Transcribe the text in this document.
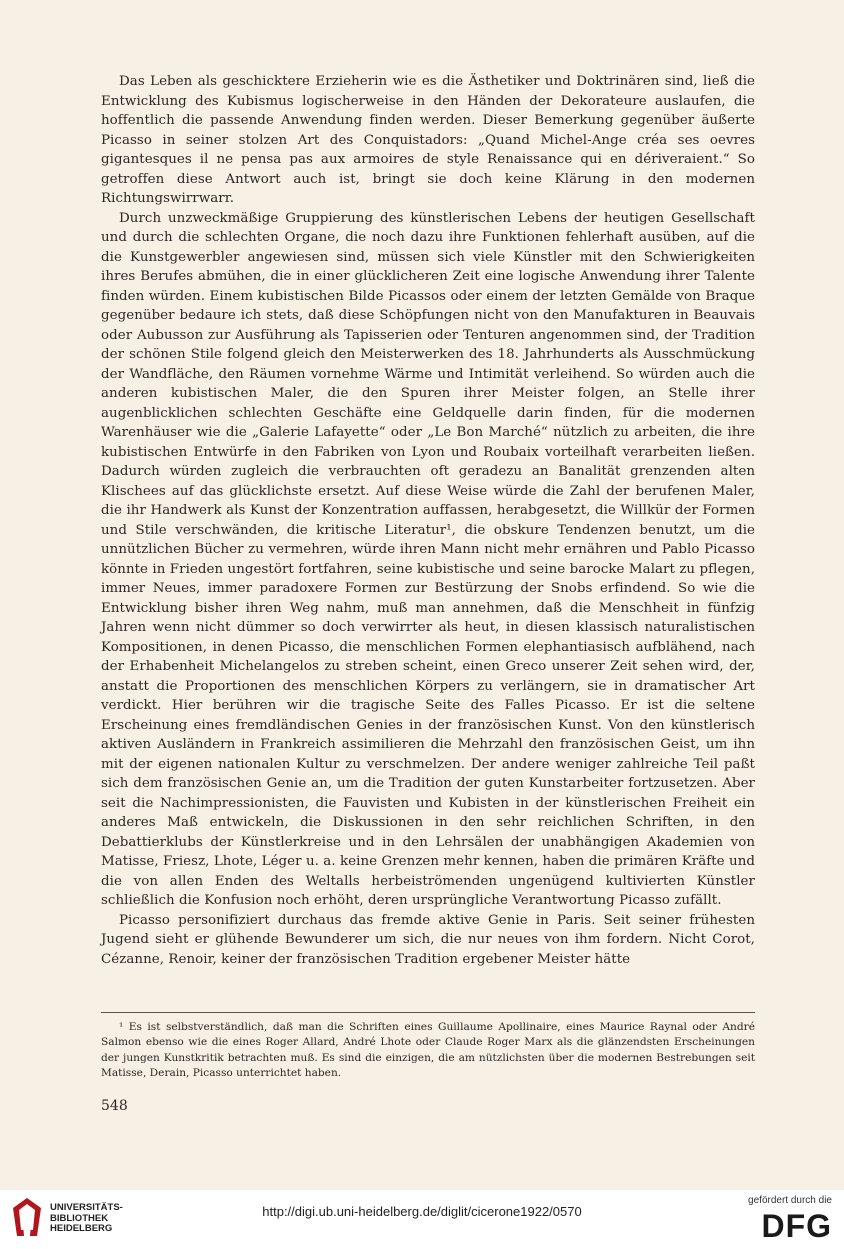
Das Leben als geschicktere Erzieherin wie es die Ästhetiker und Doktrinären sind, ließ die Entwicklung des Kubismus logischerweise in den Händen der Dekorateure auslaufen, die hoffentlich die passende Anwendung finden werden. Dieser Bemerkung gegenüber äußerte Picasso in seiner stolzen Art des Conquistadors: „Quand Michel-Ange créa ses oevres gigantesques il ne pensa pas aux armoires de style Renaissance qui en dériveraient.“ So getroffen diese Antwort auch ist, bringt sie doch keine Klärung in den modernen Richtungswirrwarr.

Durch unzweckmäßige Gruppierung des künstlerischen Lebens der heutigen Gesellschaft und durch die schlechten Organe, die noch dazu ihre Funktionen fehlerhaft ausüben, auf die die Kunstgewerbler angewiesen sind, müssen sich viele Künstler mit den Schwierigkeiten ihres Berufes abmühen, die in einer glücklicheren Zeit eine logische Anwendung ihrer Talente finden würden. Einem kubistischen Bilde Picassos oder einem der letzten Gemälde von Braque gegenüber bedaure ich stets, daß diese Schöpfungen nicht von den Manufakturen in Beauvais oder Aubusson zur Ausführung als Tapisserien oder Tenturen angenommen sind, der Tradition der schönen Stile folgend gleich den Meisterwerken des 18. Jahrhunderts als Ausschmückung der Wandfläche, den Räumen vornehme Wärme und Intimität verleihend. So würden auch die anderen kubistischen Maler, die den Spuren ihrer Meister folgen, an Stelle ihrer augenblicklichen schlechten Geschäfte eine Geldquelle darin finden, für die modernen Warenhäuser wie die „Galerie Lafayette“ oder „Le Bon Marché“ nützlich zu arbeiten, die ihre kubistischen Entwürfe in den Fabriken von Lyon und Roubaix vorteilhaft verarbeiten ließen. Dadurch würden zugleich die verbrauchten oft geradezu an Banalität grenzenden alten Klischees auf das glücklichste ersetzt. Auf diese Weise würde die Zahl der berufenen Maler, die ihr Handwerk als Kunst der Konzentration auffassen, herabgesetzt, die Willkür der Formen und Stile verschwänden, die kritische Literatur¹, die obskure Tendenzen benutzt, um die unnützlichen Bücher zu vermehren, würde ihren Mann nicht mehr ernähren und Pablo Picasso könnte in Frieden ungestört fortfahren, seine kubistische und seine barocke Malart zu pflegen, immer Neues, immer paradoxere Formen zur Bestürzung der Snobs erfindend. So wie die Entwicklung bisher ihren Weg nahm, muß man annehmen, daß die Menschheit in fünfzig Jahren wenn nicht dümmer so doch verwirrter als heut, in diesen klassisch naturalistischen Kompositionen, in denen Picasso, die menschlichen Formen elephantiasisch aufblähend, nach der Erhabenheit Michelangelos zu streben scheint, einen Greco unserer Zeit sehen wird, der, anstatt die Proportionen des menschlichen Körpers zu verlängern, sie in dramatischer Art verdickt. Hier berühren wir die tragische Seite des Falles Picasso. Er ist die seltene Erscheinung eines fremdländischen Genies in der französischen Kunst. Von den künstlerisch aktiven Ausländern in Frankreich assimilieren die Mehrzahl den französischen Geist, um ihn mit der eigenen nationalen Kultur zu verschmelzen. Der andere weniger zahlreiche Teil paßt sich dem französischen Genie an, um die Tradition der guten Kunstarbeiter fortzusetzen. Aber seit die Nachimpressionisten, die Fauvisten und Kubisten in der künstlerischen Freiheit ein anderes Maß entwickeln, die Diskussionen in den sehr reichlichen Schriften, in den Debattierklubs der Künstlerkreise und in den Lehrsälen der unabhängigen Akademien von Matisse, Friesz, Lhote, Léger u. a. keine Grenzen mehr kennen, haben die primären Kräfte und die von allen Enden des Weltalls herbeiströmenden ungenügend kultivierten Künstler schließlich die Konfusion noch erhöht, deren ursprüngliche Verantwortung Picasso zufällt.

Picasso personifiziert durchaus das fremde aktive Genie in Paris. Seit seiner frühesten Jugend sieht er glühende Bewunderer um sich, die nur neues von ihm fordern. Nicht Corot, Cézanne, Renoir, keiner der französischen Tradition ergebener Meister hätte

¹ Es ist selbstverständlich, daß man die Schriften eines Guillaume Apollinaire, eines Maurice Raynal oder André Salmon ebenso wie die eines Roger Allard, André Lhote oder Claude Roger Marx als die glänzendsten Erscheinungen der jungen Kunstkritik betrachten muß. Es sind die einzigen, die am nützlichsten über die modernen Bestrebungen seit Matisse, Derain, Picasso unterrichtet haben.

548
UNIVERSITÄTS-
BIBLIOTHEK
HEIDELBERG
http://digi.ub.uni-heidelberg.de/diglit/cicerone1922/0570
gefördert durch die
DFG
